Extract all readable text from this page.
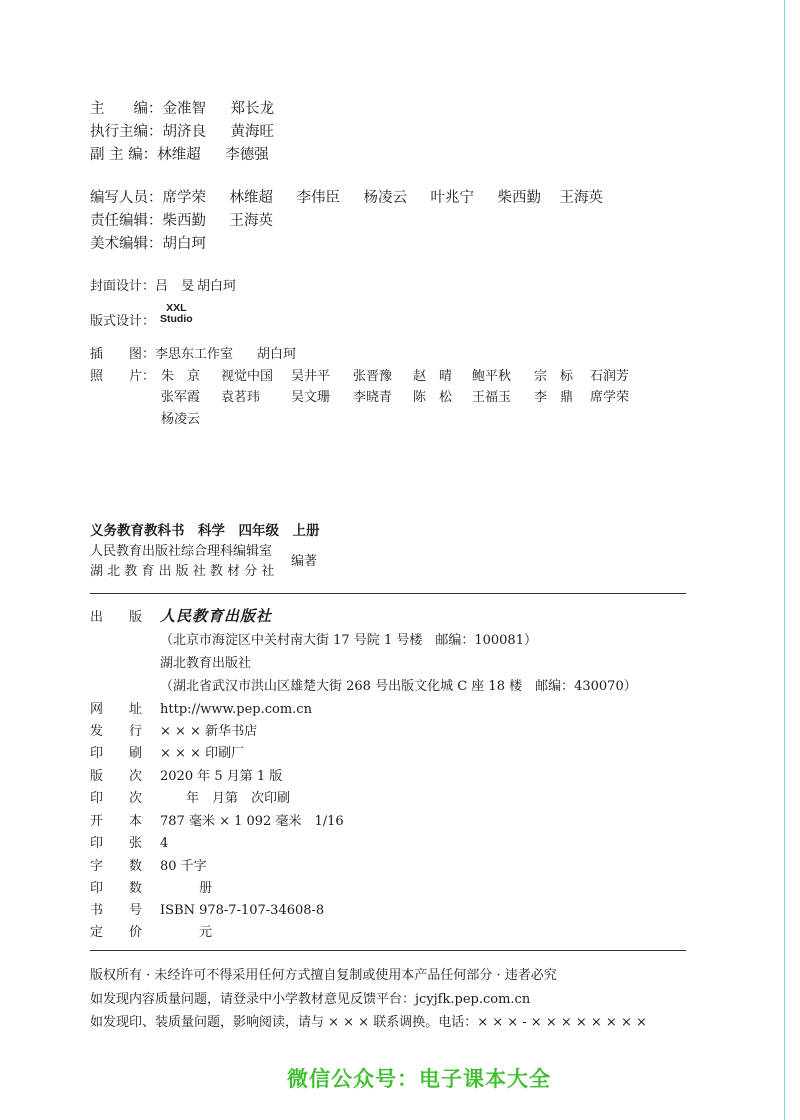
主　　编：金准智 郑长龙
执行主编：胡济良 黄海旺
副 主 编：林维超 李德强
编写人员：席学荣 林维超 李伟臣 杨凌云 叶兆宁 柴西勤 王海英
责任编辑：柴西勤 王海英
美术编辑：胡白珂
封面设计：吕　旻 胡白珂
版式设计：
XXL
Studio
插　　图：李思东工作室 胡白珂
照　　片： 朱　京 视觉中国 吴井平 张晋豫 赵　晴 鲍平秋 宗　标 石润芳
张军霞 袁茗玮 吴文珊 李晓青 陈　松 王福玉 李　鼎 席学荣
杨凌云
义务教育教科书　科学　四年级　上册
人民教育出版社综合理科编辑室
湖 北 教 育 出 版 社 教 材 分 社
编著
出　　版 人民教育出版社
（北京市海淀区中关村南大街 17 号院 1 号楼　邮编：100081）
湖北教育出版社
（湖北省武汉市洪山区雄楚大街 268 号出版文化城 C 座 18 楼　邮编：430070）
网　　址 http://www.pep.com.cn
发　　行 × × × 新华书店
印　　刷 × × × 印刷厂
版　　次 2020 年 5 月第 1 版
印　　次　　年　月第　次印刷
开　　本 787 毫米 × 1 092 毫米　1/16
印　　张 4
字　　数 80 千字
印　　数　　　册
书　　号 ISBN 978-7-107-34608-8
定　　价　　　元
版权所有 · 未经许可不得采用任何方式擅自复制或使用本产品任何部分 · 违者必究
如发现内容质量问题，请登录中小学教材意见反馈平台：jcyjfk.pep.com.cn
如发现印、装质量问题，影响阅读，请与 × × × 联系调换。电话：× × × - × × × × × × × ×
微信公众号：电子课本大全
